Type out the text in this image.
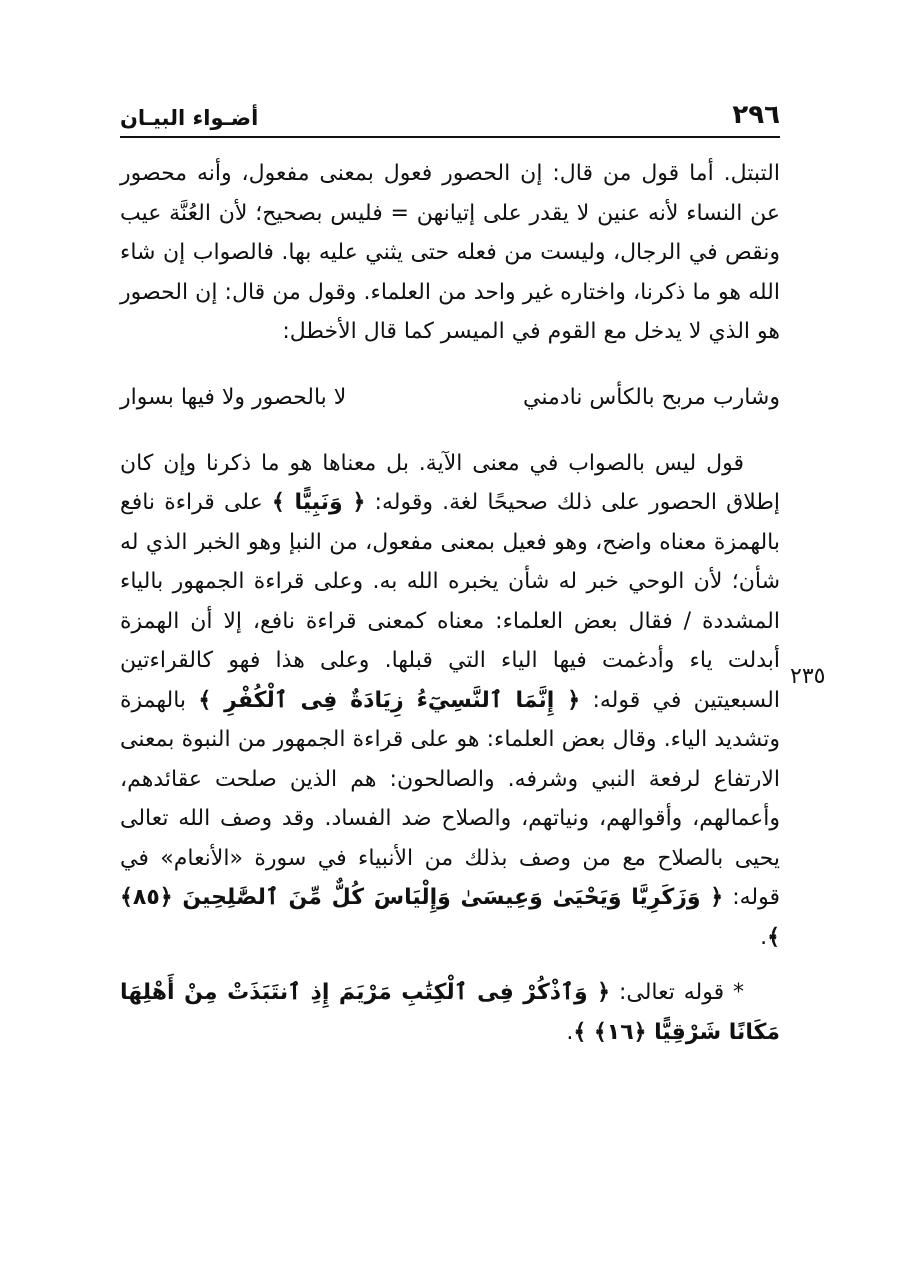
٢٩٦
أضـواء البيـان

التبتل. أما قول من قال: إن الحصور فعول بمعنى مفعول، وأنه محصور عن النساء لأنه عنين لا يقدر على إتيانهن = فليس بصحيح؛ لأن العُنَّة عيب ونقص في الرجال، وليست من فعله حتى يثني عليه بها. فالصواب إن شاء الله هو ما ذكرنا، واختاره غير واحد من العلماء. وقول من قال: إن الحصور هو الذي لا يدخل مع القوم في الميسر كما قال الأخطل:

وشارب مربح بالكأس نادمني
لا بالحصور ولا فيها بسوار

قول ليس بالصواب في معنى الآية. بل معناها هو ما ذكرنا وإن كان إطلاق الحصور على ذلك صحيحًا لغة. وقوله: ﴿ وَنَبِيًّا ﴾ على قراءة نافع بالهمزة معناه واضح، وهو فعيل بمعنى مفعول، من النبإ وهو الخبر الذي له شأن؛ لأن الوحي خبر له شأن يخبره الله به. وعلى قراءة الجمهور بالياء المشددة / فقال بعض العلماء: معناه كمعنى قراءة نافع، إلا أن الهمزة أبدلت ياء وأدغمت فيها الياء التي قبلها. وعلى هذا فهو كالقراءتين السبعيتين في قوله: ﴿ إِنَّمَا ٱلنَّسِيٓءُ زِيَادَةٌ فِى ٱلْكُفْرِ ﴾ بالهمزة وتشديد الياء. وقال بعض العلماء: هو على قراءة الجمهور من النبوة بمعنى الارتفاع لرفعة النبي وشرفه. والصالحون: هم الذين صلحت عقائدهم، وأعمالهم، وأقوالهم، ونياتهم، والصلاح ضد الفساد. وقد وصف الله تعالى يحيى بالصلاح مع من وصف بذلك من الأنبياء في سورة «الأنعام» في قوله: ﴿ وَزَكَرِيَّا وَيَحْيَىٰ وَعِيسَىٰ وَإِلْيَاسَ كُلٌّ مِّنَ ٱلصَّٰلِحِينَ ﴿٨٥﴾ ﴾.

* قوله تعالى: ﴿ وَٱذْكُرْ فِى ٱلْكِتَٰبِ مَرْيَمَ إِذِ ٱنتَبَذَتْ مِنْ أَهْلِهَا مَكَانًا شَرْقِيًّا ﴿١٦﴾ ﴾.

٢٣٥
